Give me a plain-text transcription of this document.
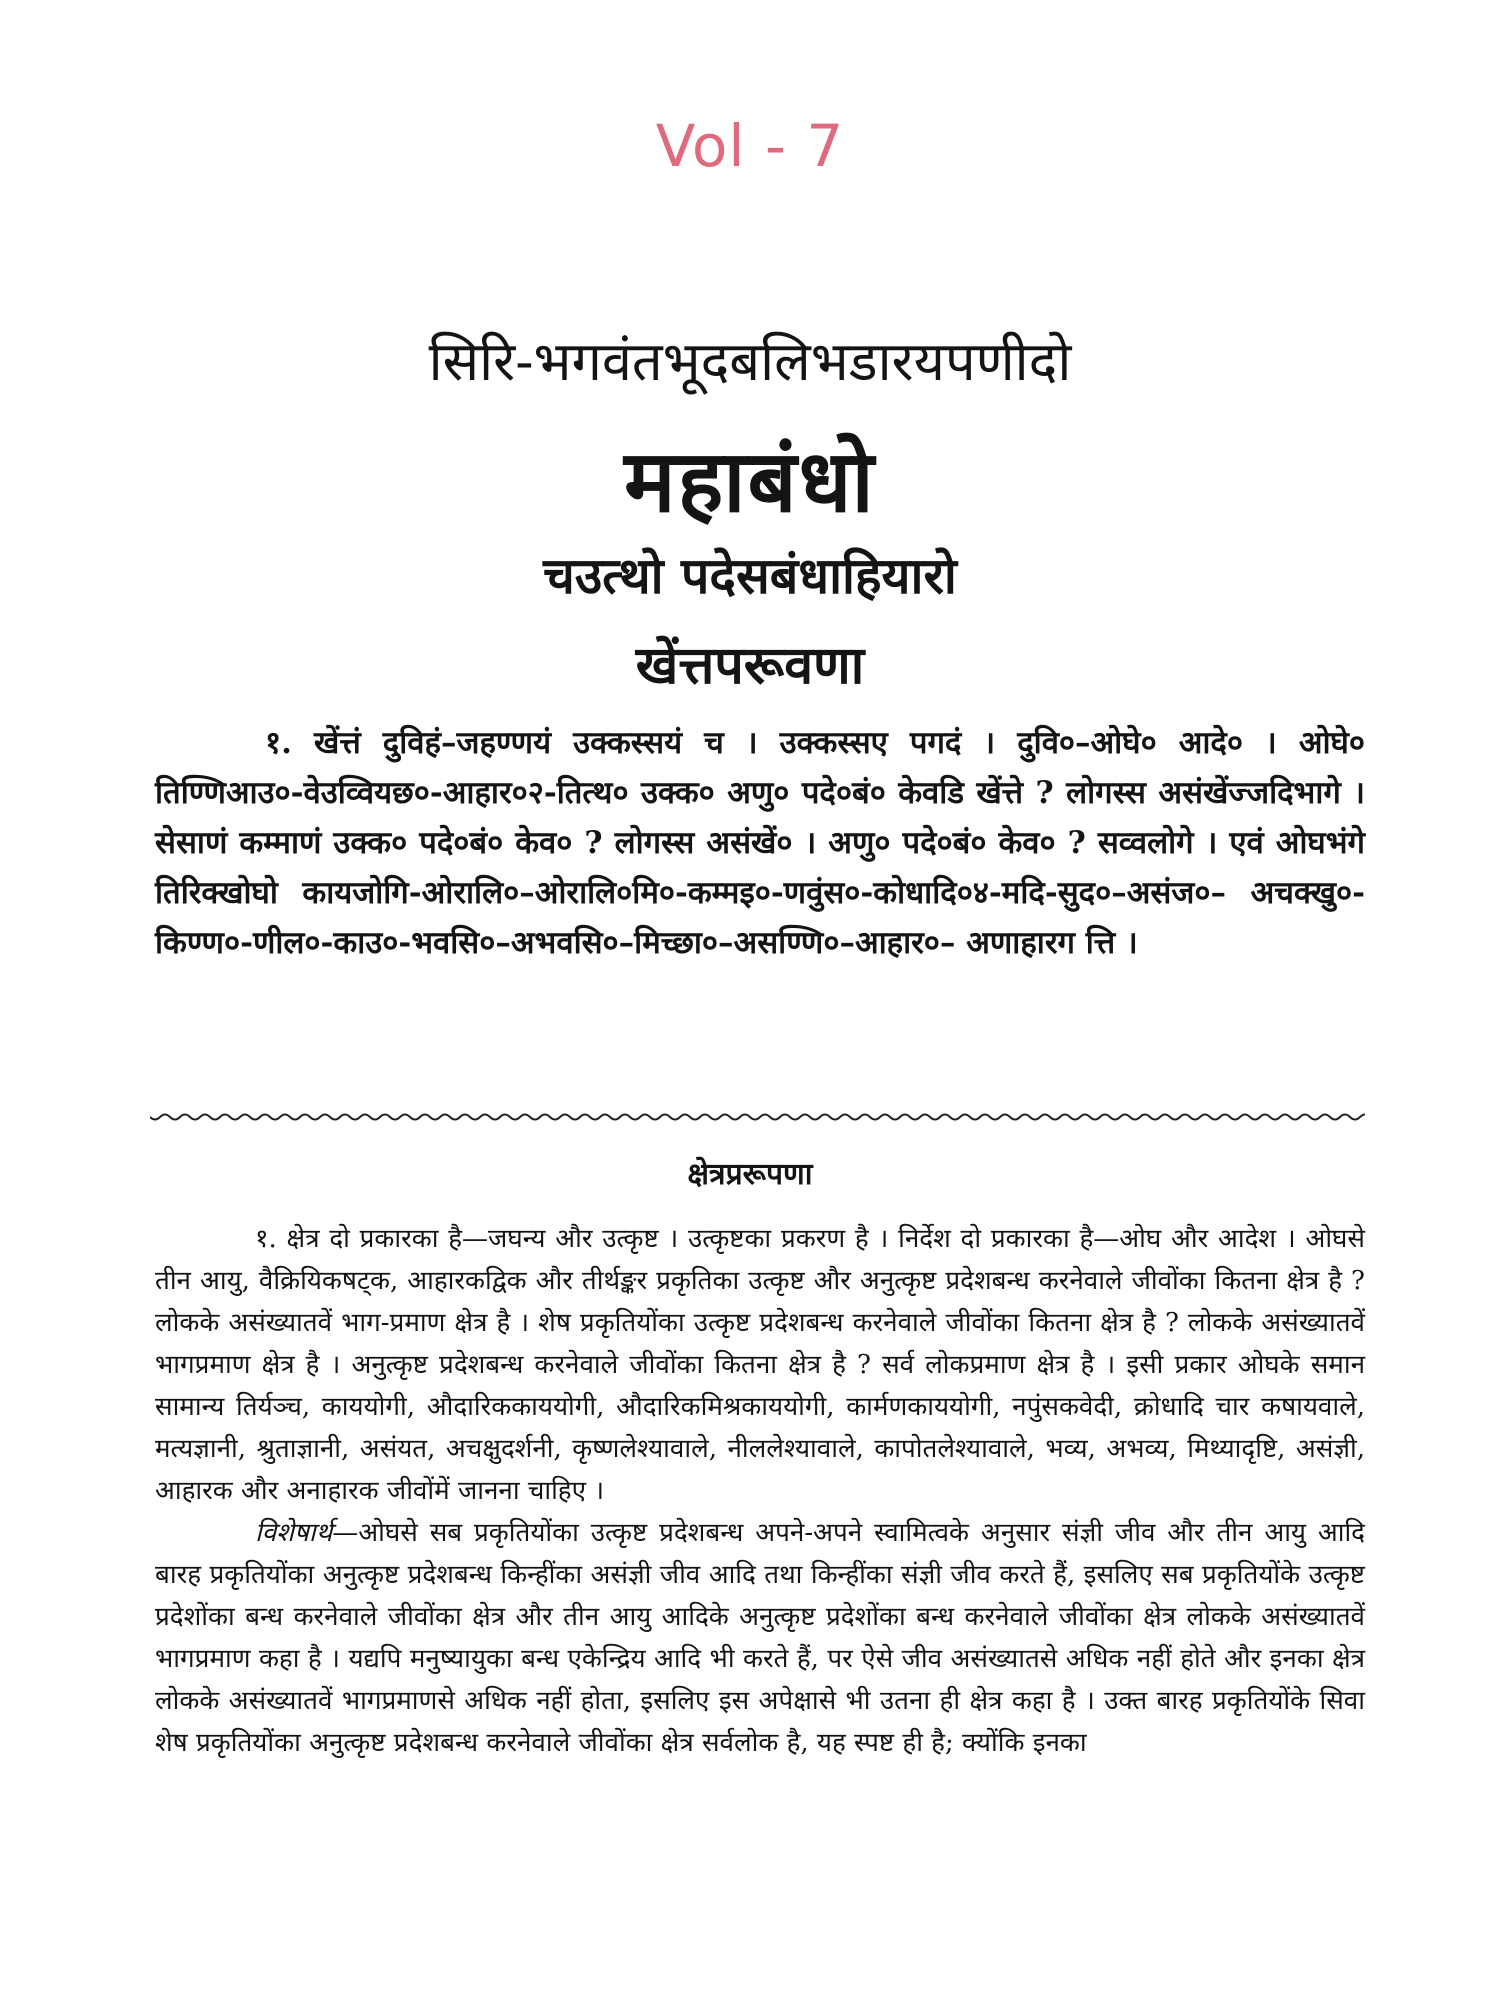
Vol - 7
सिरि-भगवंतभूदबलिभडारयपणीदो
महाबंधो
चउत्थो पदेसबंधाहियारो
खेंत्तपरूवणा

१. खेंत्तं दुविहं–जहण्णयं उक्कस्सयं च । उक्कस्सए पगदं । दुवि०–ओघे० आदे० । ओघे० तिण्णिआउ०-वेउव्वियछ०-आहार०२-तित्थ० उक्क० अणु० पदे०बं० केवडि खेंत्ते ? लोगस्स असंखेंज्जदिभागे । सेसाणं कम्माणं उक्क० पदे०बं० केव० ? लोगस्स असंखें० । अणु० पदे०बं० केव० ? सव्वलोगे । एवं ओघभंगे तिरिक्खोघो कायजोगि-ओरालि०–ओरालि०मि०-कम्मइ०-णवुंस०-कोधादि०४-मदि-सुद०–असंज०– अचक्खु०-किण्ण०-णील०-काउ०-भवसि०–अभवसि०–मिच्छा०–असण्णि०–आहार०– अणाहारग त्ति ।

क्षेत्रप्ररूपणा

१. क्षेत्र दो प्रकारका है—जघन्य और उत्कृष्ट । उत्कृष्टका प्रकरण है । निर्देश दो प्रकारका है—ओघ और आदेश । ओघसे तीन आयु, वैक्रियिकषट्क, आहारकद्विक और तीर्थङ्कर प्रकृतिका उत्कृष्ट और अनुत्कृष्ट प्रदेशबन्ध करनेवाले जीवोंका कितना क्षेत्र है ? लोकके असंख्यातवें भाग-प्रमाण क्षेत्र है । शेष प्रकृतियोंका उत्कृष्ट प्रदेशबन्ध करनेवाले जीवोंका कितना क्षेत्र है ? लोकके असंख्यातवें भागप्रमाण क्षेत्र है । अनुत्कृष्ट प्रदेशबन्ध करनेवाले जीवोंका कितना क्षेत्र है ? सर्व लोकप्रमाण क्षेत्र है । इसी प्रकार ओघके समान सामान्य तिर्यञ्च, काययोगी, औदारिककाययोगी, औदारिकमिश्रकाययोगी, कार्मणकाययोगी, नपुंसकवेदी, क्रोधादि चार कषायवाले, मत्यज्ञानी, श्रुताज्ञानी, असंयत, अचक्षुदर्शनी, कृष्णलेश्यावाले, नीललेश्यावाले, कापोतलेश्यावाले, भव्य, अभव्य, मिथ्यादृष्टि, असंज्ञी, आहारक और अनाहारक जीवोंमें जानना चाहिए ।

विशेषार्थ—ओघसे सब प्रकृतियोंका उत्कृष्ट प्रदेशबन्ध अपने-अपने स्वामित्वके अनुसार संज्ञी जीव और तीन आयु आदि बारह प्रकृतियोंका अनुत्कृष्ट प्रदेशबन्ध किन्हींका असंज्ञी जीव आदि तथा किन्हींका संज्ञी जीव करते हैं, इसलिए सब प्रकृतियोंके उत्कृष्ट प्रदेशोंका बन्ध करनेवाले जीवोंका क्षेत्र और तीन आयु आदिके अनुत्कृष्ट प्रदेशोंका बन्ध करनेवाले जीवोंका क्षेत्र लोकके असंख्यातवें भागप्रमाण कहा है । यद्यपि मनुष्यायुका बन्ध एकेन्द्रिय आदि भी करते हैं, पर ऐसे जीव असंख्यातसे अधिक नहीं होते और इनका क्षेत्र लोकके असंख्यातवें भागप्रमाणसे अधिक नहीं होता, इसलिए इस अपेक्षासे भी उतना ही क्षेत्र कहा है । उक्त बारह प्रकृतियोंके सिवा शेष प्रकृतियोंका अनुत्कृष्ट प्रदेशबन्ध करनेवाले जीवोंका क्षेत्र सर्वलोक है, यह स्पष्ट ही है; क्योंकि इनका
